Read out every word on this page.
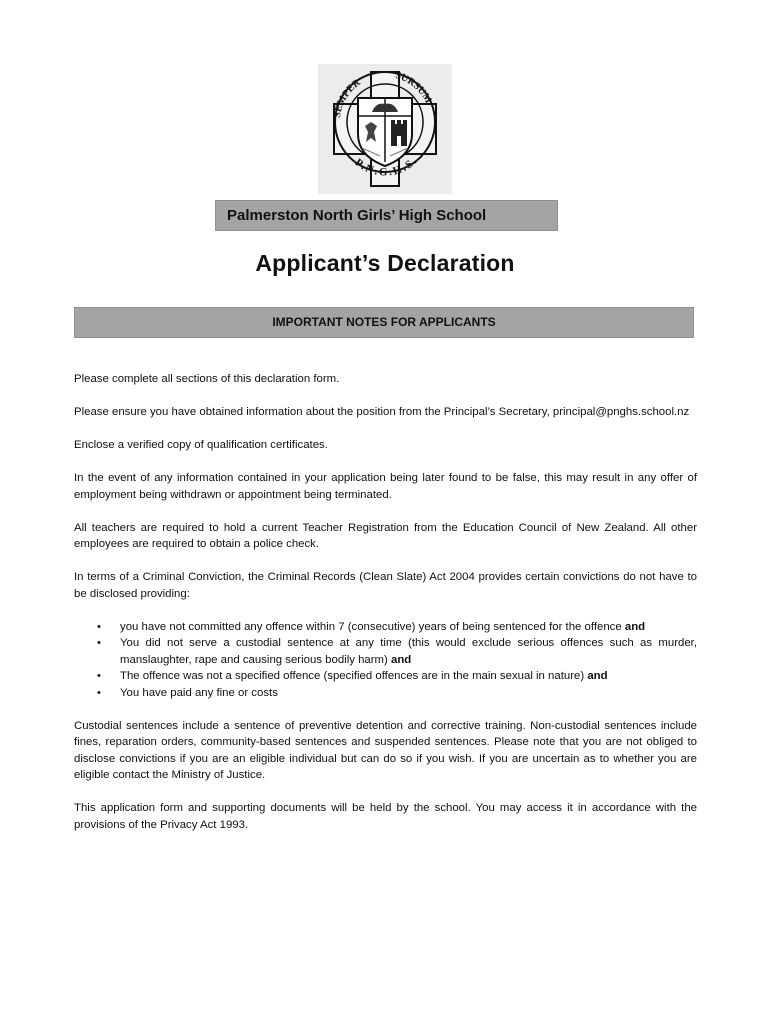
SEMPER
SURSUM
P.N.G.H.S.
Palmerston North Girls’ High School
Applicant’s Declaration
IMPORTANT NOTES FOR APPLICANTS

Please complete all sections of this declaration form.

Please ensure you have obtained information about the position from the Principal’s Secretary, principal@pnghs.school.nz

Enclose a verified copy of qualification certificates.

In the event of any information contained in your application being later found to be false, this may result in any offer of employment being withdrawn or appointment being terminated.

All teachers are required to hold a current Teacher Registration from the Education Council of New Zealand. All other employees are required to obtain a police check.

In terms of a Criminal Conviction, the Criminal Records (Clean Slate) Act 2004 provides certain convictions do not have to be disclosed providing:

• you have not committed any offence within 7 (consecutive) years of being sentenced for the offence and
• You did not serve a custodial sentence at any time (this would exclude serious offences such as murder, manslaughter, rape and causing serious bodily harm) and
• The offence was not a specified offence (specified offences are in the main sexual in nature) and
• You have paid any fine or costs

Custodial sentences include a sentence of preventive detention and corrective training. Non-custodial sentences include fines, reparation orders, community-based sentences and suspended sentences. Please note that you are not obliged to disclose convictions if you are an eligible individual but can do so if you wish. If you are uncertain as to whether you are eligible contact the Ministry of Justice.

This application form and supporting documents will be held by the school. You may access it in accordance with the provisions of the Privacy Act 1993.
